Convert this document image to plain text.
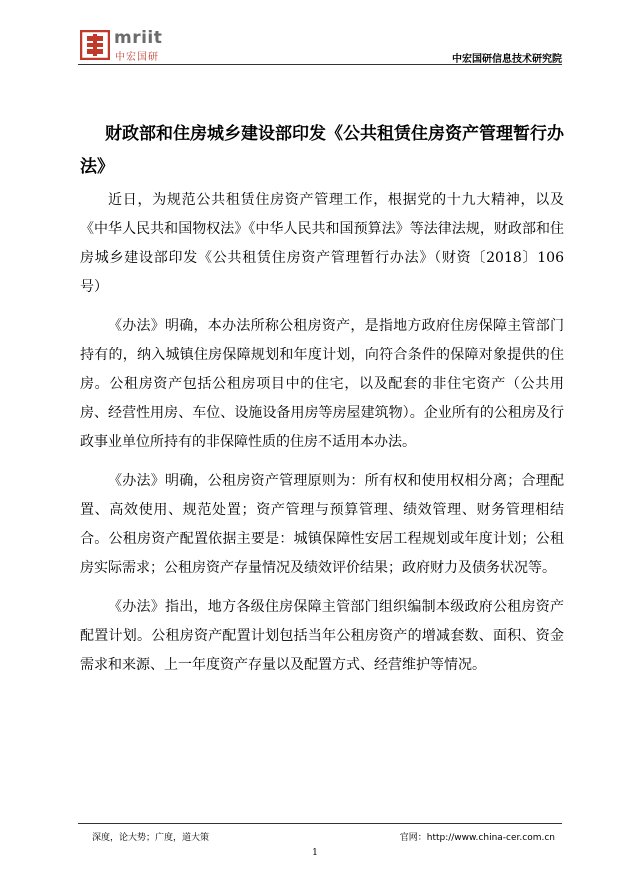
mriit
中宏国研	中宏国研信息技术研究院
财政部和住房城乡建设部印发《公共租赁住房资产管理暂行办法》

近日，为规范公共租赁住房资产管理工作，根据党的十九大精神，以及《中华人民共和国物权法》《中华人民共和国预算法》等法律法规，财政部和住房城乡建设部印发《公共租赁住房资产管理暂行办法》（财资〔2018〕106 号）

《办法》明确，本办法所称公租房资产，是指地方政府住房保障主管部门持有的，纳入城镇住房保障规划和年度计划，向符合条件的保障对象提供的住房。公租房资产包括公租房项目中的住宅，以及配套的非住宅资产（公共用房、经营性用房、车位、设施设备用房等房屋建筑物）。企业所有的公租房及行政事业单位所持有的非保障性质的住房不适用本办法。

《办法》明确，公租房资产管理原则为：所有权和使用权相分离；合理配置、高效使用、规范处置；资产管理与预算管理、绩效管理、财务管理相结合。公租房资产配置依据主要是：城镇保障性安居工程规划或年度计划；公租房实际需求；公租房资产存量情况及绩效评价结果；政府财力及债务状况等。

《办法》指出，地方各级住房保障主管部门组织编制本级政府公租房资产配置计划。公租房资产配置计划包括当年公租房资产的增减套数、面积、资金需求和来源、上一年度资产存量以及配置方式、经营维护等情况。

深度，论大势；广度，道大策	官网：http://www.china-cer.com.cn
1
